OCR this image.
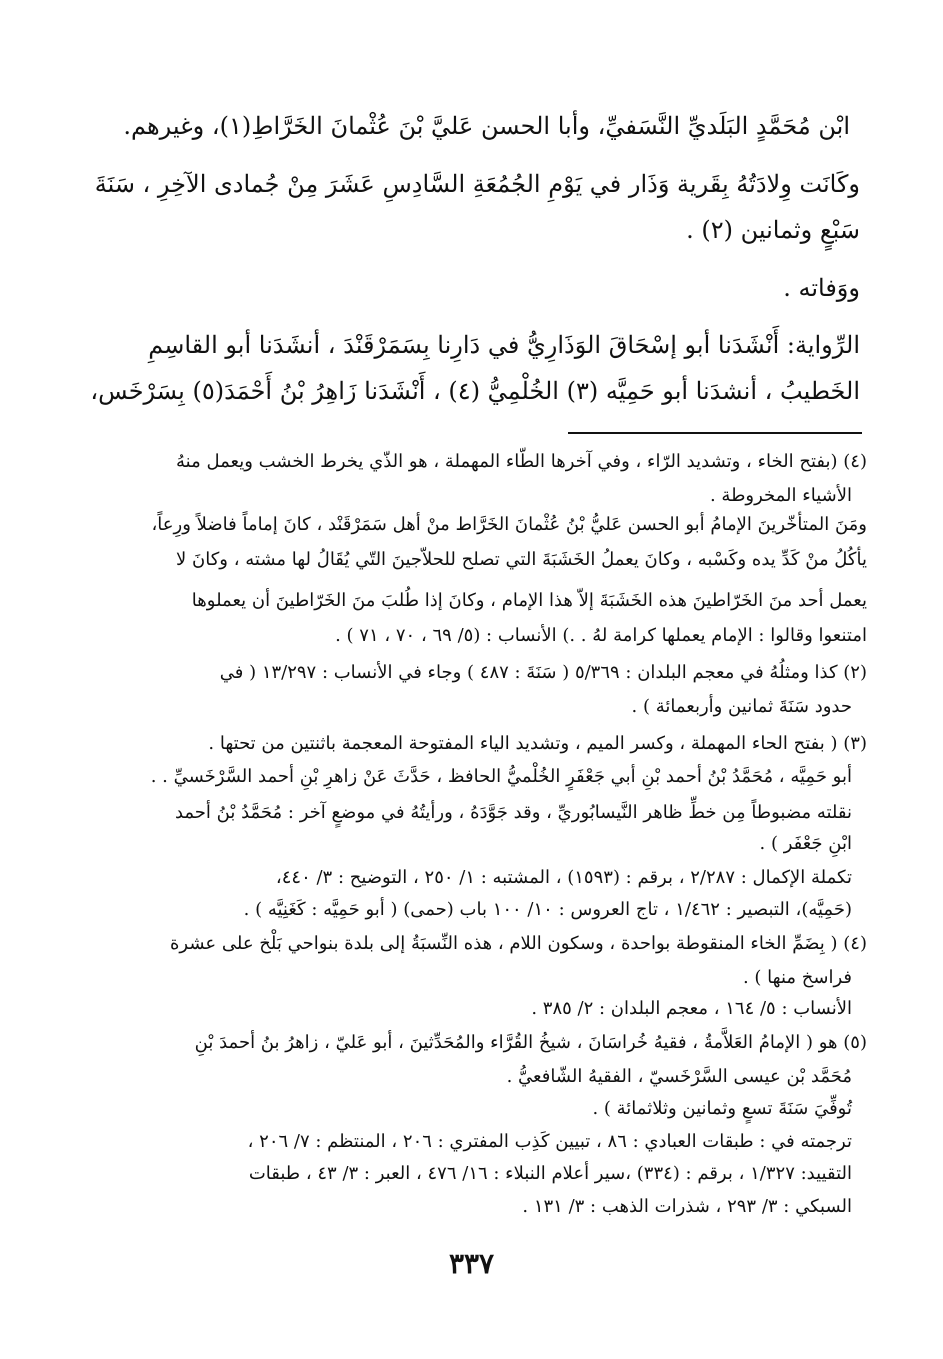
ابْن مُحَمَّدٍ البَلَديِّ النَّسَفيِّ، وأبا الحسن عَليَّ بْنَ عُثْمانَ الخَرَّاطِ(١)، وغيرهم.
وكَانَت وِلادَتُهُ بِقَرية وَذَار في يَوْمِ الجُمُعَةِ السَّادِسِ عَشَرَ مِنْ جُمادى الآخِرِ ، سَنَةَ
سَبْعٍ وثمانين (٢) .
ووَفاته .
الرِّواية: أَنْشَدَنا أبو إسْحَاقَ الوَذَارِيُّ في دَارِنا بِسَمَرْقَنْدَ ، أنشَدَنا أبو القاسِمِ
الخَطيبُ ، أنشدَنا أبو حَمِيَّه (٣) الخُلْمِيُّ (٤) ، أَنْشَدَنا زَاهِرُ بْنُ أَحْمَدَ(٥) بِسَرْخَس،
(٤) (بفتح الخاء ، وتشديد الرّاء ، وفي آخرها الطّاء المهملة ، هو الذّي يخرط الخشب ويعمل منهُ
الأشياء المخروطة .
ومَنَ المتأخّرينَ الإمامُ أبو الحسن عَليُّ بْنُ عُثْمانَ الخَرَّاط منْ أهل سَمَرْقَنْد ، كانَ إماماً فاضلاً ورِعاً،
يأكُلُ منْ كَدِّ يده وكَسْبه ، وكانَ يعملُ الخَشَبَةَ التي تصلح للحلاّجينَ التّي يُقَالُ لها مشته ، وكانَ لا
يعمل أحد منَ الخَرّاطينَ هذه الخَشَبَةَ إلاّ هذا الإمام ، وكانَ إذا طُلبَ منَ الخَرّاطينَ أن يعملوها
امتنعوا وقالوا : الإمام يعملها كرامة لهُ . .) الأنساب : (٥/ ٦٩ ، ٧٠ ، ٧١ ) .
(٢) كذا ومثلُهُ في معجم البلدان : ٥/٣٦٩ ( سَنَةَ : ٤٨٧ ) وجاء في الأنساب : ١٣/٢٩٧ ( في
حدود سَنَةَ ثمانين وأربعمائة ) .
(٣) ( بفتح الحاء المهملة ، وكسر الميم ، وتشديد الياء المفتوحة المعجمة باثنتين من تحتها .
أبو حَمِيَّه ، مُحَمَّدُ بْنُ أحمد بْنِ أبي جَعْفَرٍ الخُلْميُّ الحافظ ، حَدَّثَ عَنْ زاهرِ بْنِ أحمد السَّرْخَسيِّ . .
نقلته مضبوطاً مِن خطِّ ظاهر النَّيسابُوريِّ ، وقد جَوَّدَهُ ، ورأيتُهُ في موضعٍ آخر : مُحَمَّدُ بْنُ أحمد
ابْنِ جَعْفَر ) .
تكملة الإكمال : ٢/٢٨٧ ، برقم : (١٥٩٣) ، المشتبه : ١/ ٢٥٠ ، التوضيح : ٣/ ٤٤٠،
(حَمِيَّه)، التبصير : ١/٤٦٢ ، تاج العروس : ١٠/ ١٠٠ باب (حمى) ( أبو حَمِيَّه : كَغَنِيَّه ) .
(٤) ( بِضَمِّ الخاء المنقوطة بواحدة ، وسكون اللام ، هذه النِّسبَةُ إلى بلدة بنواحي بَلْخ على عشرة
فراسخ منها ) .
الأنساب : ٥/ ١٦٤ ، معجم البلدان : ٢/ ٣٨٥ .
(٥) هو ( الإمامُ العَلاَّمةُ ، فقيهُ خُراسَانَ ، شيخُ القُرَّاء والمُحَدِّثينَ ، أبو عَليّ ، زاهرُ بنُ أحمدَ بْنِ
مُحَمَّد بْن عيسى السَّرْخَسيّ ، الفقيهُ الشّافعيُّ .
تُوفِّيَ سَنَةَ تسعٍ وثمانين وثلاثمائة ) .
ترجمته في : طبقات العبادي : ٨٦ ، تبيين كَذِب المفتري : ٢٠٦ ، المنتظم : ٧/ ٢٠٦ ،
التقييد: ١/٣٢٧ ، برقم : (٣٣٤) ،سير أعلام النبلاء : ١٦/ ٤٧٦ ، العبر : ٣/ ٤٣ ، طبقات
السبكي : ٣/ ٢٩٣ ، شذرات الذهب : ٣/ ١٣١ .
٣٣٧
